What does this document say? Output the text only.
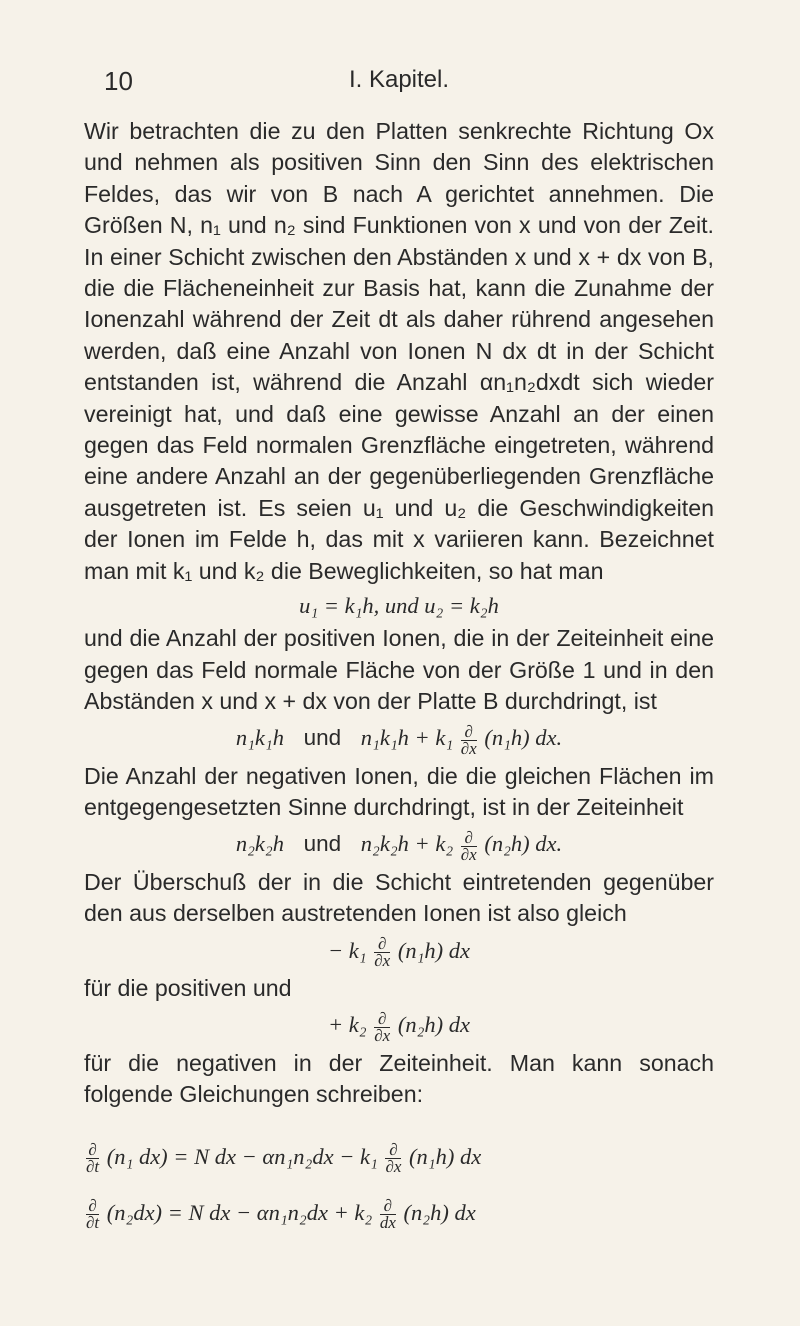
10	I. Kapitel.

Wir betrachten die zu den Platten senkrechte Richtung Ox und nehmen als positiven Sinn den Sinn des elektrischen Feldes, das wir von B nach A gerichtet annehmen. Die Größen N, n₁ und n₂ sind Funktionen von x und von der Zeit. In einer Schicht zwischen den Abständen x und x + dx von B, die die Flächeneinheit zur Basis hat, kann die Zunahme der Ionenzahl während der Zeit dt als daher rührend angesehen werden, daß eine Anzahl von Ionen N dx dt in der Schicht entstanden ist, während die Anzahl αn₁n₂dxdt sich wieder vereinigt hat, und daß eine gewisse Anzahl an der einen gegen das Feld normalen Grenzfläche eingetreten, während eine andere Anzahl an der gegenüberliegenden Grenzfläche ausgetreten ist. Es seien u₁ und u₂ die Geschwindigkeiten der Ionen im Felde h, das mit x variieren kann. Bezeichnet man mit k₁ und k₂ die Beweglichkeiten, so hat man

u₁ = k₁h, und u₂ = k₂h

und die Anzahl der positiven Ionen, die in der Zeiteinheit eine gegen das Feld normale Fläche von der Größe 1 und in den Abständen x und x + dx von der Platte B durchdringt, ist

n₁k₁h und $n_1k_1h + k_1 \frac{\partial}{\partial x} (n_1h)$ dx.

Die Anzahl der negativen Ionen, die die gleichen Flächen im entgegengesetzten Sinne durchdringt, ist in der Zeiteinheit

n₂k₂h und $n_2k_2h + k_2 \frac{\partial}{\partial x} (n_2h)$ dx.

Der Überschuß der in die Schicht eintretenden gegenüber den aus derselben austretenden Ionen ist also gleich

− $k_1 \frac{\partial}{\partial x} (n_1h)$ dx

für die positiven und

+ $k_2 \frac{\partial}{\partial x} (n_2h)$ dx

für die negativen in der Zeiteinheit. Man kann sonach folgende Gleichungen schreiben:

$\frac{\partial}{\partial t} (n_1$ dx) = N dx − $\alpha n_1n_2dx - k_1 \frac{\partial}{\partial x} (n_1h)$ dx
$\frac{\partial}{\partial t} (n_2dx) = N$ dx − $\alpha n_1n_2dx + k_2 \frac{\partial}{dx} (n_2h)$ dx
